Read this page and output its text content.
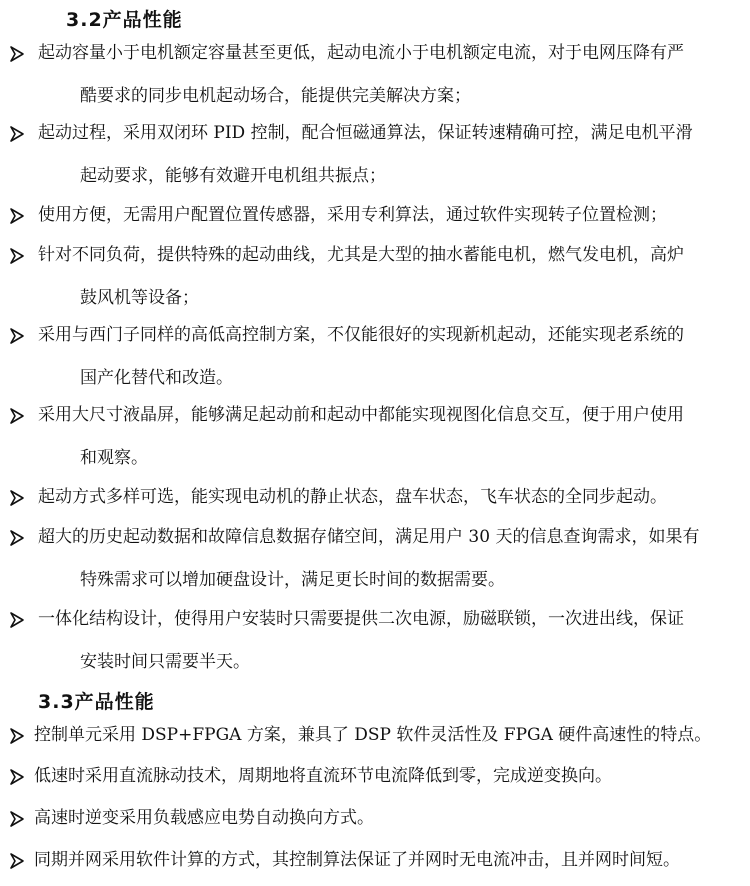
3.2产品性能
起动容量小于电机额定容量甚至更低，起动电流小于电机额定电流，对于电网压降有严
酷要求的同步电机起动场合，能提供完美解决方案；
起动过程，采用双闭环 PID 控制，配合恒磁通算法，保证转速精确可控，满足电机平滑
起动要求，能够有效避开电机组共振点；
使用方便，无需用户配置位置传感器，采用专利算法，通过软件实现转子位置检测；
针对不同负荷，提供特殊的起动曲线，尤其是大型的抽水蓄能电机，燃气发电机，高炉
鼓风机等设备；
采用与西门子同样的高低高控制方案，不仅能很好的实现新机起动，还能实现老系统的
国产化替代和改造。
采用大尺寸液晶屏，能够满足起动前和起动中都能实现视图化信息交互，便于用户使用
和观察。
起动方式多样可选，能实现电动机的静止状态，盘车状态，飞车状态的全同步起动。
超大的历史起动数据和故障信息数据存储空间，满足用户 30 天的信息查询需求，如果有
特殊需求可以增加硬盘设计，满足更长时间的数据需要。
一体化结构设计，使得用户安装时只需要提供二次电源，励磁联锁，一次进出线，保证
安装时间只需要半天。
3.3产品性能
控制单元采用 DSP+FPGA 方案，兼具了 DSP 软件灵活性及 FPGA 硬件高速性的特点。
低速时采用直流脉动技术，周期地将直流环节电流降低到零，完成逆变换向。
高速时逆变采用负载感应电势自动换向方式。
同期并网采用软件计算的方式，其控制算法保证了并网时无电流冲击，且并网时间短。
